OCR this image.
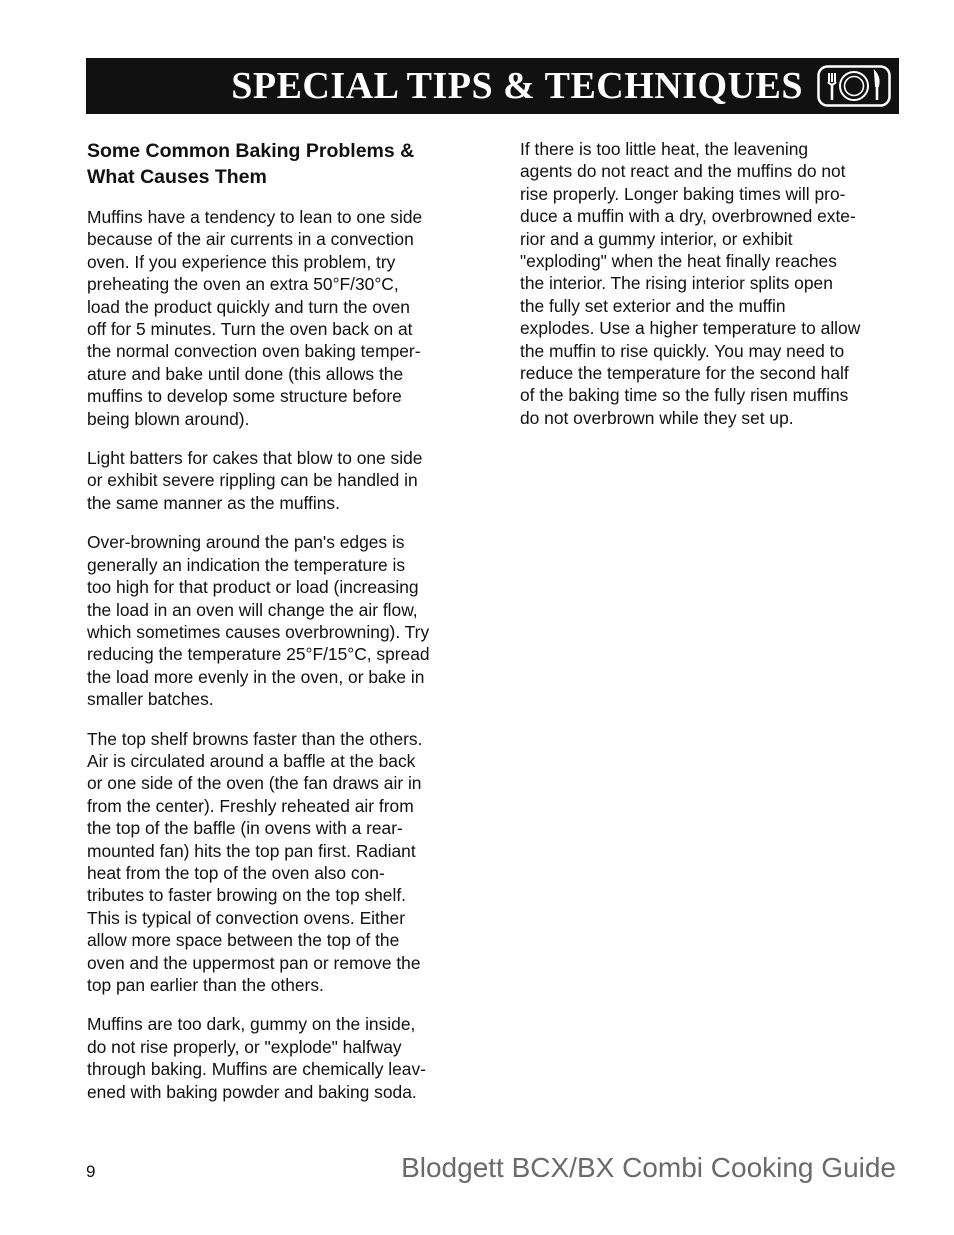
SPECIAL TIPS & TECHNIQUES

Some Common Baking Problems &
What Causes Them

Muffins have a tendency to lean to one side
because of the air currents in a convection
oven. If you experience this problem, try
preheating the oven an extra 50°F/30°C,
load the product quickly and turn the oven
off for 5 minutes. Turn the oven back on at
the normal convection oven baking temper-
ature and bake until done (this allows the
muffins to develop some structure before
being blown around).

Light batters for cakes that blow to one side
or exhibit severe rippling can be handled in
the same manner as the muffins.

Over-browning around the pan's edges is
generally an indication the temperature is
too high for that product or load (increasing
the load in an oven will change the air flow,
which sometimes causes overbrowning). Try
reducing the temperature 25°F/15°C, spread
the load more evenly in the oven, or bake in
smaller batches.

The top shelf browns faster than the others.
Air is circulated around a baffle at the back
or one side of the oven (the fan draws air in
from the center). Freshly reheated air from
the top of the baffle (in ovens with a rear-
mounted fan) hits the top pan first. Radiant
heat from the top of the oven also con-
tributes to faster browing on the top shelf.
This is typical of convection ovens. Either
allow more space between the top of the
oven and the uppermost pan or remove the
top pan earlier than the others.

Muffins are too dark, gummy on the inside,
do not rise properly, or "explode" halfway
through baking. Muffins are chemically leav-
ened with baking powder and baking soda.

If there is too little heat, the leavening
agents do not react and the muffins do not
rise properly. Longer baking times will pro-
duce a muffin with a dry, overbrowned exte-
rior and a gummy interior, or exhibit
"exploding" when the heat finally reaches
the interior. The rising interior splits open
the fully set exterior and the muffin
explodes. Use a higher temperature to allow
the muffin to rise quickly. You may need to
reduce the temperature for the second half
of the baking time so the fully risen muffins
do not overbrown while they set up.

9	Blodgett BCX/BX Combi Cooking Guide
